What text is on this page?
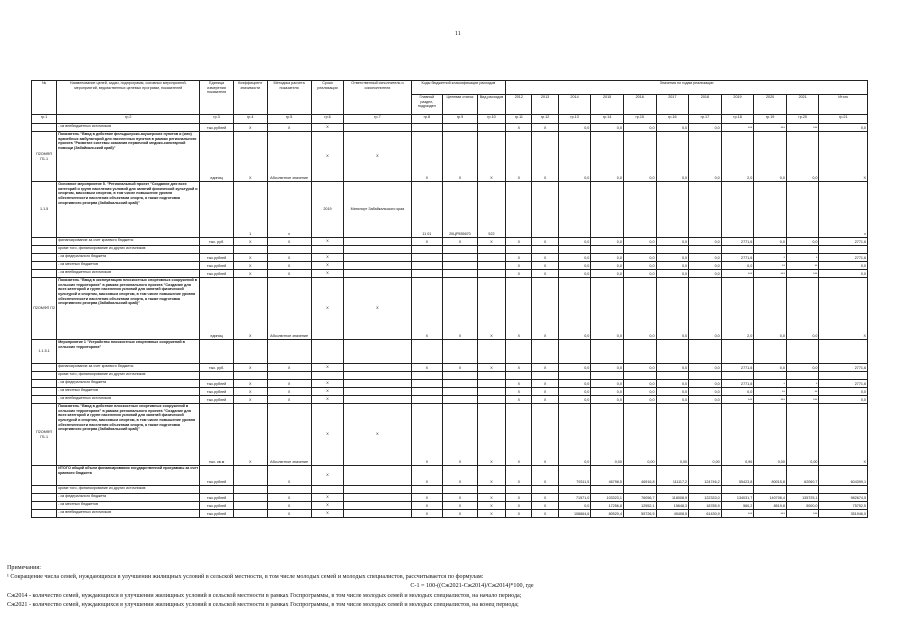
11
№	Наименование целей, задач, подпрограмм, основных мероприятий, мероприятий, ведомственных целевых программ, показателей	Единица измерения показателя	Коэффициент значимости	Методика расчета показателя	Сроки реализации	Ответственный исполнитель и соисполнители	Коды бюджетной классификации расходов			Значения по годам реализации										
							Главный раздел, подраздел	Целевая статья	Вид расходов	2012	2013	2014	2015	2016	2017	2018	2019	2020	2021	Итого
гр.1	гр.2	гр.3	гр.4	гр.5	гр.6	гр.7	гр.8	гр.9	гр.10	гр.11	гр.12	гр.13	гр.14	гр.15	гр.16	гр.17	гр.18	гр.19	гр.20	гр.21
	- из внебюджетных источников	тыс.рублей	Х	Х	Х					Х	Х	0,0	0,0	0,0	0,0	0,0	***	***	***	0,0
П2ОМФП П1.1	Показатель "Ввод в действие фельдшерско-акушерских пунктов и (или) врачебных амбулаторий для населенных пунктов в рамках регионального проекта "Развитие системы оказания первичной медико-санитарной помощи (Забайкальский край)"	единиц	Х	Абсолютное значение	Х	Х	Х	Х	Х	Х	Х	0,0	0,0	0,0	0,0	0,0	2,0	0,0	0,0	Х
1.1.5	Основное мероприятие 5. "Региональный проект "Создание для всех категорий и групп населения условий для занятий физической культурой и спортом, массовым спортом, в том числе повышение уровня обеспеченности населения объектами спорта, а также подготовка спортивного резерва (Забайкальский край)"		1	х	2019	Минспорт Забайкальского края	11 01	20ЦР555670	522											х
	финансирование за счет краевого бюджета:	тыс. руб.	Х	Х	Х		Х	Х	Х	Х	Х	0,0	0,0	0,0	0,0	0,0	2771,6	0,0	0,0	2771,6
	кроме того, финансирование из других источников:																			
	- из федерального бюджета	тыс.рублей	Х	Х	Х					Х	Х	0,0	0,0	0,0	0,0	0,0	2771,6	*	*	2771,6
	- из местных бюджетов	тыс.рублей	Х	Х	Х					Х	Х	0,0	0,0	0,0	0,0	0,0	0,0	**	**	0,0
	- из внебюджетных источников	тыс.рублей	Х	Х	Х					Х	Х	0,0	0,0	0,0	0,0	0,0	***	***	***	0,0
П2ОМФП П2	Показатель "Ввод в эксплуатацию плоскостных спортивных сооружений в сельских территориях" в рамках регионального проекта "Создание для всех категорий и групп населения условий для занятий физической культурой и спортом, массовым спортом, в том числе повышение уровня обеспеченности населения объектами спорта, а также подготовка спортивного резерва (Забайкальский край)"	единиц	Х	Абсолютное значение	Х	Х	Х	Х	Х	Х	Х	0,0	0,0	0,0	0,0	0,0	2,0	0,0	0,0	Х
1.1.5.1	Мероприятие 1 "Устройство плоскостных спортивных сооружений в сельских территориях"																			
	финансирование за счет краевого бюджета:	тыс. руб.	Х	Х	Х		Х	Х	Х	Х	Х	0,0	0,0	0,0	0,0	0,0	2771,6	0,0	0,0	2771,6
	кроме того, финансирование из других источников:																			
	- из федерального бюджета	тыс.рублей	Х	Х	Х					Х	Х	0,0	0,0	0,0	0,0	0,0	2771,6	*	*	2771,6
	- из местных бюджетов	тыс.рублей	Х	Х	Х					Х	Х	0,0	0,0	0,0	0,0	0,0	0,0	**	**	0,0
	- из внебюджетных источников	тыс.рублей	Х	Х	Х					Х	Х	0,0	0,0	0,0	0,0	0,0	***	***	***	0,0
П2ОМФП П1.1	Показатель "Ввод в действие плоскостных спортивных сооружений в сельских территориях" в рамках регионального проекта "Создание для всех категорий и групп населения условий для занятий физической культурой и спортом, массовым спортом, в том числе повышение уровня обеспеченности населения объектами спорта, а также подготовка спортивного резерва (Забайкальский край)"	тыс. кв.м	Х	Абсолютное значение	Х	Х	Х	Х	Х	Х	Х	0,0	0,00	0,00	0,00	0,00	0,96	0,00	0,00	Х
	ИТОГО общий объем финансирования государственной программы за счет краевого бюджета	тыс.рублей		Х	Х		Х	Х	Х	Х	Х	79311,5	46798,5	46916,8	111117,2	124746,2	55423,8	80015,8	62060,7	604399,1
	кроме того, финансирование из других источников:																			
	- из федерального бюджета	тыс.рублей		Х	Х		Х	Х	Х	Х	Х	71571,0	103323,1	76056,7	118008,9	122333,0	134031,7	140708,4	135725,1	982674,5
	- из местных бюджетов	тыс.рублей		Х	Х		Х	Х	Х	Х	Х	0,0	17256,8	12952,1	15648,3	18785,9	560,2	8519,8	5000,0	75752,5
	- из внебюджетных источников	тыс.рублей		Х	Х		Х	Х	Х	Х	Х	108664,6	80520,4	55726,5	45408,5	61430,9	***	***	***	351946,0
Примечания:
¹ Сокращение числа семей, нуждающихся в улучшении жилищных условий в сельской местности, в том числе молодых семей и молодых специалистов, рассчитывается по формулам:
С-1 = 100-((Сж2021-Сж2014)/Сж2014)*100, где
Сж2014 - количество семей, нуждающихся в улучшении жилищных условий в сельской местности в рамках Госпрограммы, в том числе молодых семей и молодых специалистов, на начало периода;
Сж2021 - количество семей, нуждающихся в улучшении жилищных условий в сельской местности в рамках Госпрограммы, в том числе молодых семей и молодых специалистов, на конец периода;
